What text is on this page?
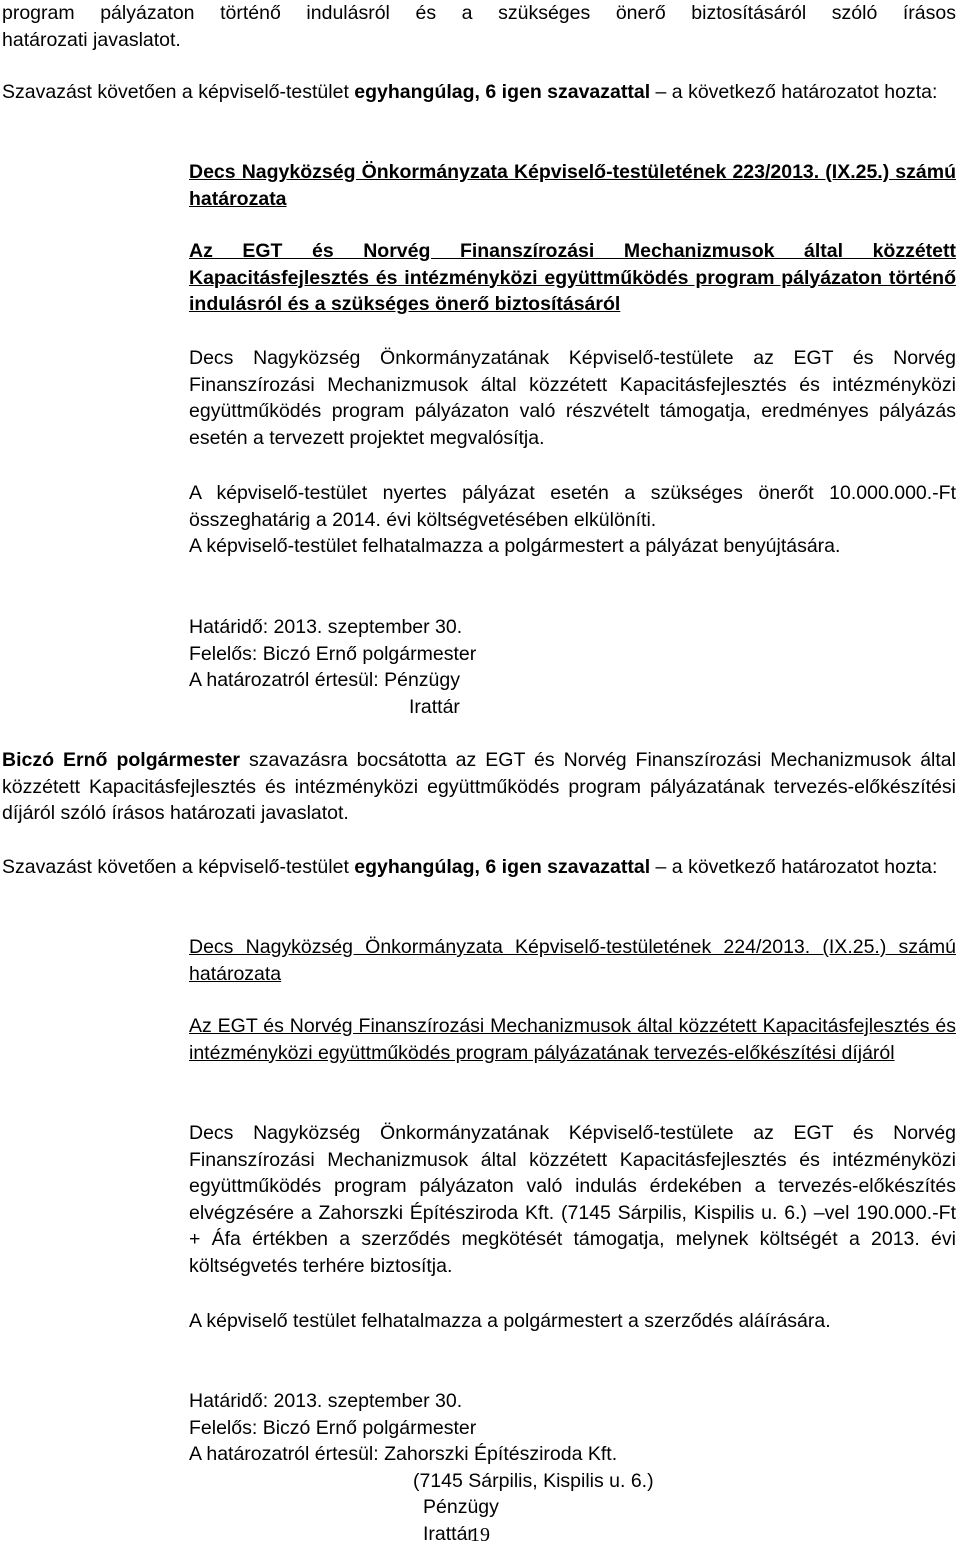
program pályázaton történő indulásról és a szükséges önerő biztosításáról szóló írásos
határozati javaslatot.

Szavazást követően a képviselő-testület egyhangúlag, 6 igen szavazattal – a következő határozatot hozta:

Decs Nagyközség Önkormányzata Képviselő-testületének 223/2013. (IX.25.) számú határozata

Az EGT és Norvég Finanszírozási Mechanizmusok által közzétett Kapacitásfejlesztés és intézményközi együttműködés program pályázaton történő indulásról és a szükséges önerő biztosításáról

Decs Nagyközség Önkormányzatának Képviselő-testülete az EGT és Norvég Finanszírozási Mechanizmusok által közzétett Kapacitásfejlesztés és intézményközi együttműködés program pályázaton való részvételt támogatja, eredményes pályázás esetén a tervezett projektet megvalósítja.

A képviselő-testület nyertes pályázat esetén a szükséges önerőt 10.000.000.-Ft összeghatárig a 2014. évi költségvetésében elkülöníti.

A képviselő-testület felhatalmazza a polgármestert a pályázat benyújtására.

Határidő: 2013. szeptember 30.

Felelős: Biczó Ernő polgármester

A határozatról értesül: Pénzügy

Irattár

Biczó Ernő polgármester szavazásra bocsátotta az EGT és Norvég Finanszírozási Mechanizmusok által közzétett Kapacitásfejlesztés és intézményközi együttműködés program pályázatának tervezés-előkészítési díjáról szóló írásos határozati javaslatot.

Szavazást követően a képviselő-testület egyhangúlag, 6 igen szavazattal – a következő határozatot hozta:

Decs Nagyközség Önkormányzata Képviselő-testületének 224/2013. (IX.25.) számú határozata

Az EGT és Norvég Finanszírozási Mechanizmusok által közzétett Kapacitásfejlesztés és intézményközi együttműködés program pályázatának tervezés-előkészítési díjáról

Decs Nagyközség Önkormányzatának Képviselő-testülete az EGT és Norvég Finanszírozási Mechanizmusok által közzétett Kapacitásfejlesztés és intézményközi együttműködés program pályázaton való indulás érdekében a tervezés-előkészítés elvégzésére a Zahorszki Építésziroda Kft. (7145 Sárpilis, Kispilis u. 6.) –vel 190.000.-Ft + Áfa értékben a szerződés megkötését támogatja, melynek költségét a 2013. évi költségvetés terhére biztosítja.

A képviselő testület felhatalmazza a polgármestert a szerződés aláírására.

Határidő: 2013. szeptember 30.

Felelős: Biczó Ernő polgármester

A határozatról értesül: Zahorszki Építésziroda Kft.

(7145 Sárpilis, Kispilis u. 6.)

Pénzügy

Irattár

19
